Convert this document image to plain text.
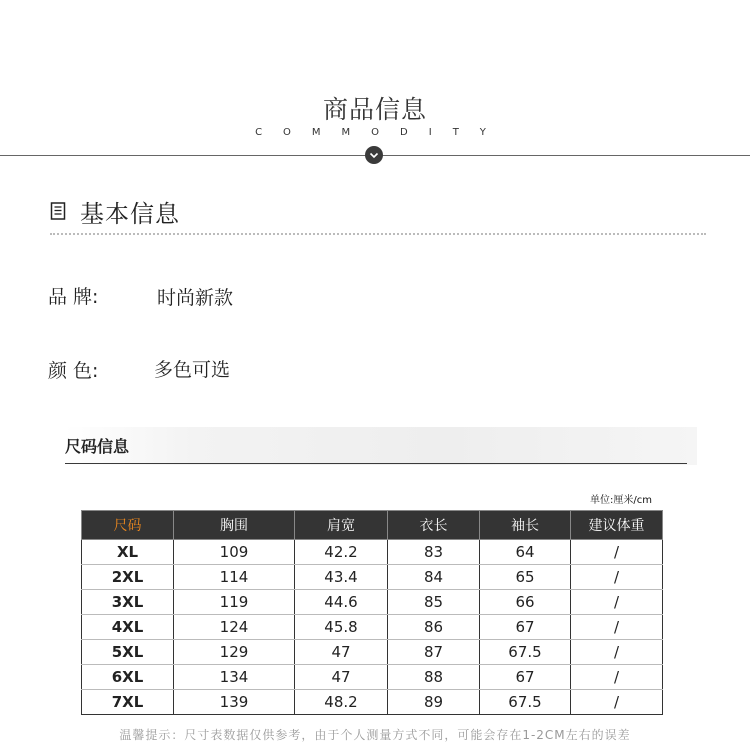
商品信息
COMMODITY
基本信息
品 牌:	时尚新款
颜 色:	多色可选
尺码信息
单位:厘米/cm
尺码	胸围	肩宽	衣长	袖长	建议体重
XL	109	42.2	83	64	/
2XL	114	43.4	84	65	/
3XL	119	44.6	85	66	/
4XL	124	45.8	86	67	/
5XL	129	47	87	67.5	/
6XL	134	47	88	67	/
7XL	139	48.2	89	67.5	/
温馨提示：尺寸表数据仅供参考，由于个人测量方式不同，可能会存在1-2CM左右的误差
